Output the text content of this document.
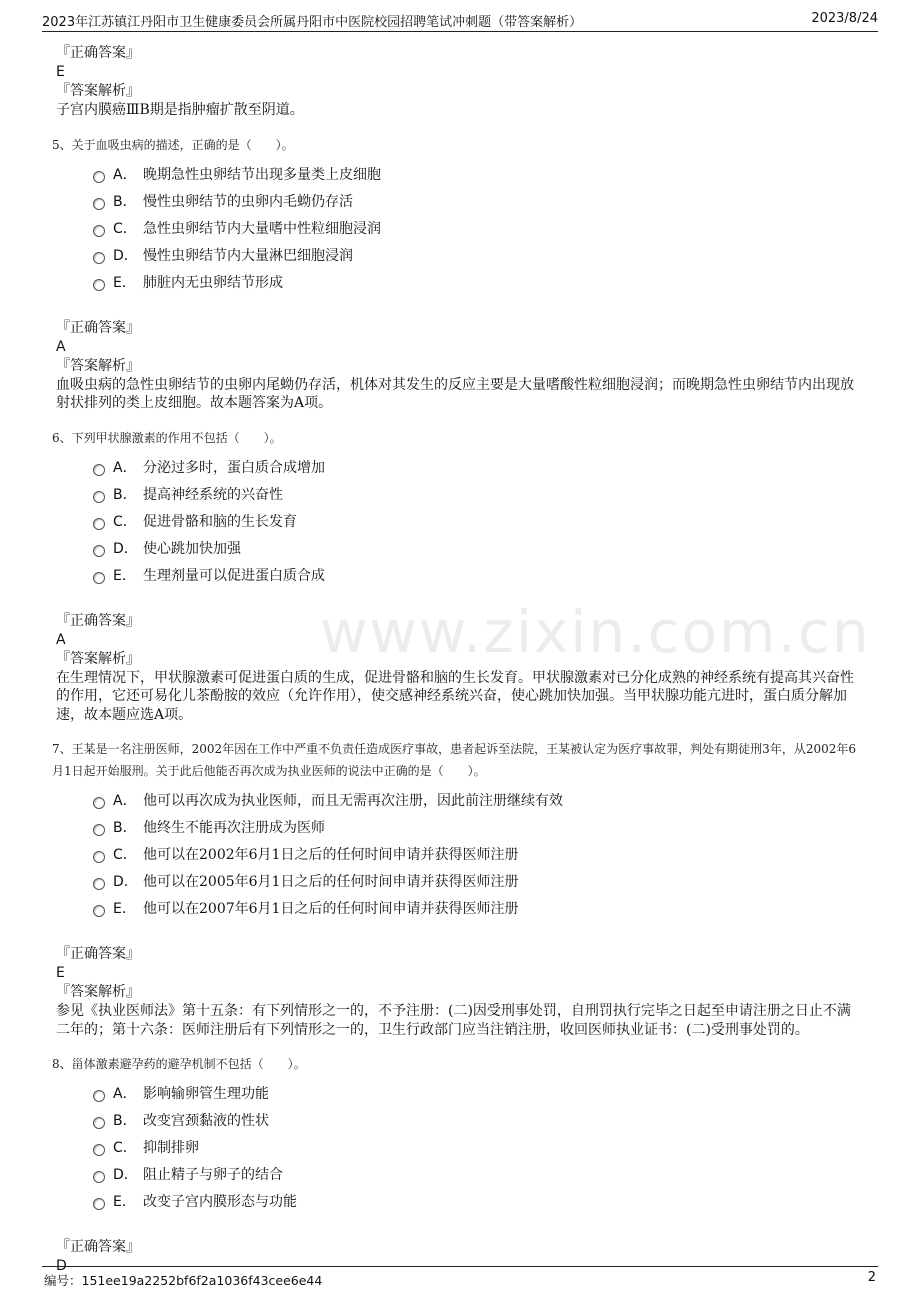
2023年江苏镇江丹阳市卫生健康委员会所属丹阳市中医院校园招聘笔试冲刺题（带答案解析）	2023/8/24
www.zixin.com.cn
『正确答案』
E
『答案解析』
子宫内膜癌ⅢB期是指肿瘤扩散至阴道。
5、关于血吸虫病的描述，正确的是（　　）。
A． 晚期急性虫卵结节出现多量类上皮细胞
B． 慢性虫卵结节的虫卵内毛蚴仍存活
C． 急性虫卵结节内大量嗜中性粒细胞浸润
D． 慢性虫卵结节内大量淋巴细胞浸润
E． 肺脏内无虫卵结节形成
『正确答案』
A
『答案解析』
血吸虫病的急性虫卵结节的虫卵内尾蚴仍存活，机体对其发生的反应主要是大量嗜酸性粒细胞浸润；而晚期急性虫卵结节内出现放射状排列的类上皮细胞。故本题答案为A项。
6、下列甲状腺激素的作用不包括（　　）。
A． 分泌过多时，蛋白质合成增加
B． 提高神经系统的兴奋性
C． 促进骨骼和脑的生长发育
D． 使心跳加快加强
E． 生理剂量可以促进蛋白质合成
『正确答案』
A
『答案解析』
在生理情况下，甲状腺激素可促进蛋白质的生成，促进骨骼和脑的生长发育。甲状腺激素对已分化成熟的神经系统有提高其兴奋性的作用，它还可易化儿茶酚胺的效应（允许作用），使交感神经系统兴奋，使心跳加快加强。当甲状腺功能亢进时，蛋白质分解加速，故本题应选A项。
7、王某是一名注册医师，2002年因在工作中严重不负责任造成医疗事故，患者起诉至法院，王某被认定为医疗事故罪，判处有期徒刑3年，从2002年6月1日起开始服刑。关于此后他能否再次成为执业医师的说法中正确的是（　　）。
A． 他可以再次成为执业医师，而且无需再次注册，因此前注册继续有效
B． 他终生不能再次注册成为医师
C． 他可以在2002年6月1日之后的任何时间申请并获得医师注册
D． 他可以在2005年6月1日之后的任何时间申请并获得医师注册
E． 他可以在2007年6月1日之后的任何时间申请并获得医师注册
『正确答案』
E
『答案解析』
参见《执业医师法》第十五条：有下列情形之一的，不予注册：(二)因受刑事处罚，自刑罚执行完毕之日起至申请注册之日止不满二年的；第十六条：医师注册后有下列情形之一的，卫生行政部门应当注销注册，收回医师执业证书：(二)受刑事处罚的。
8、甾体激素避孕药的避孕机制不包括（　　）。
A． 影响输卵管生理功能
B． 改变宫颈黏液的性状
C． 抑制排卵
D． 阻止精子与卵子的结合
E． 改变子宫内膜形态与功能
『正确答案』
D
编号：151ee19a2252bf6f2a1036f43cee6e44	2
